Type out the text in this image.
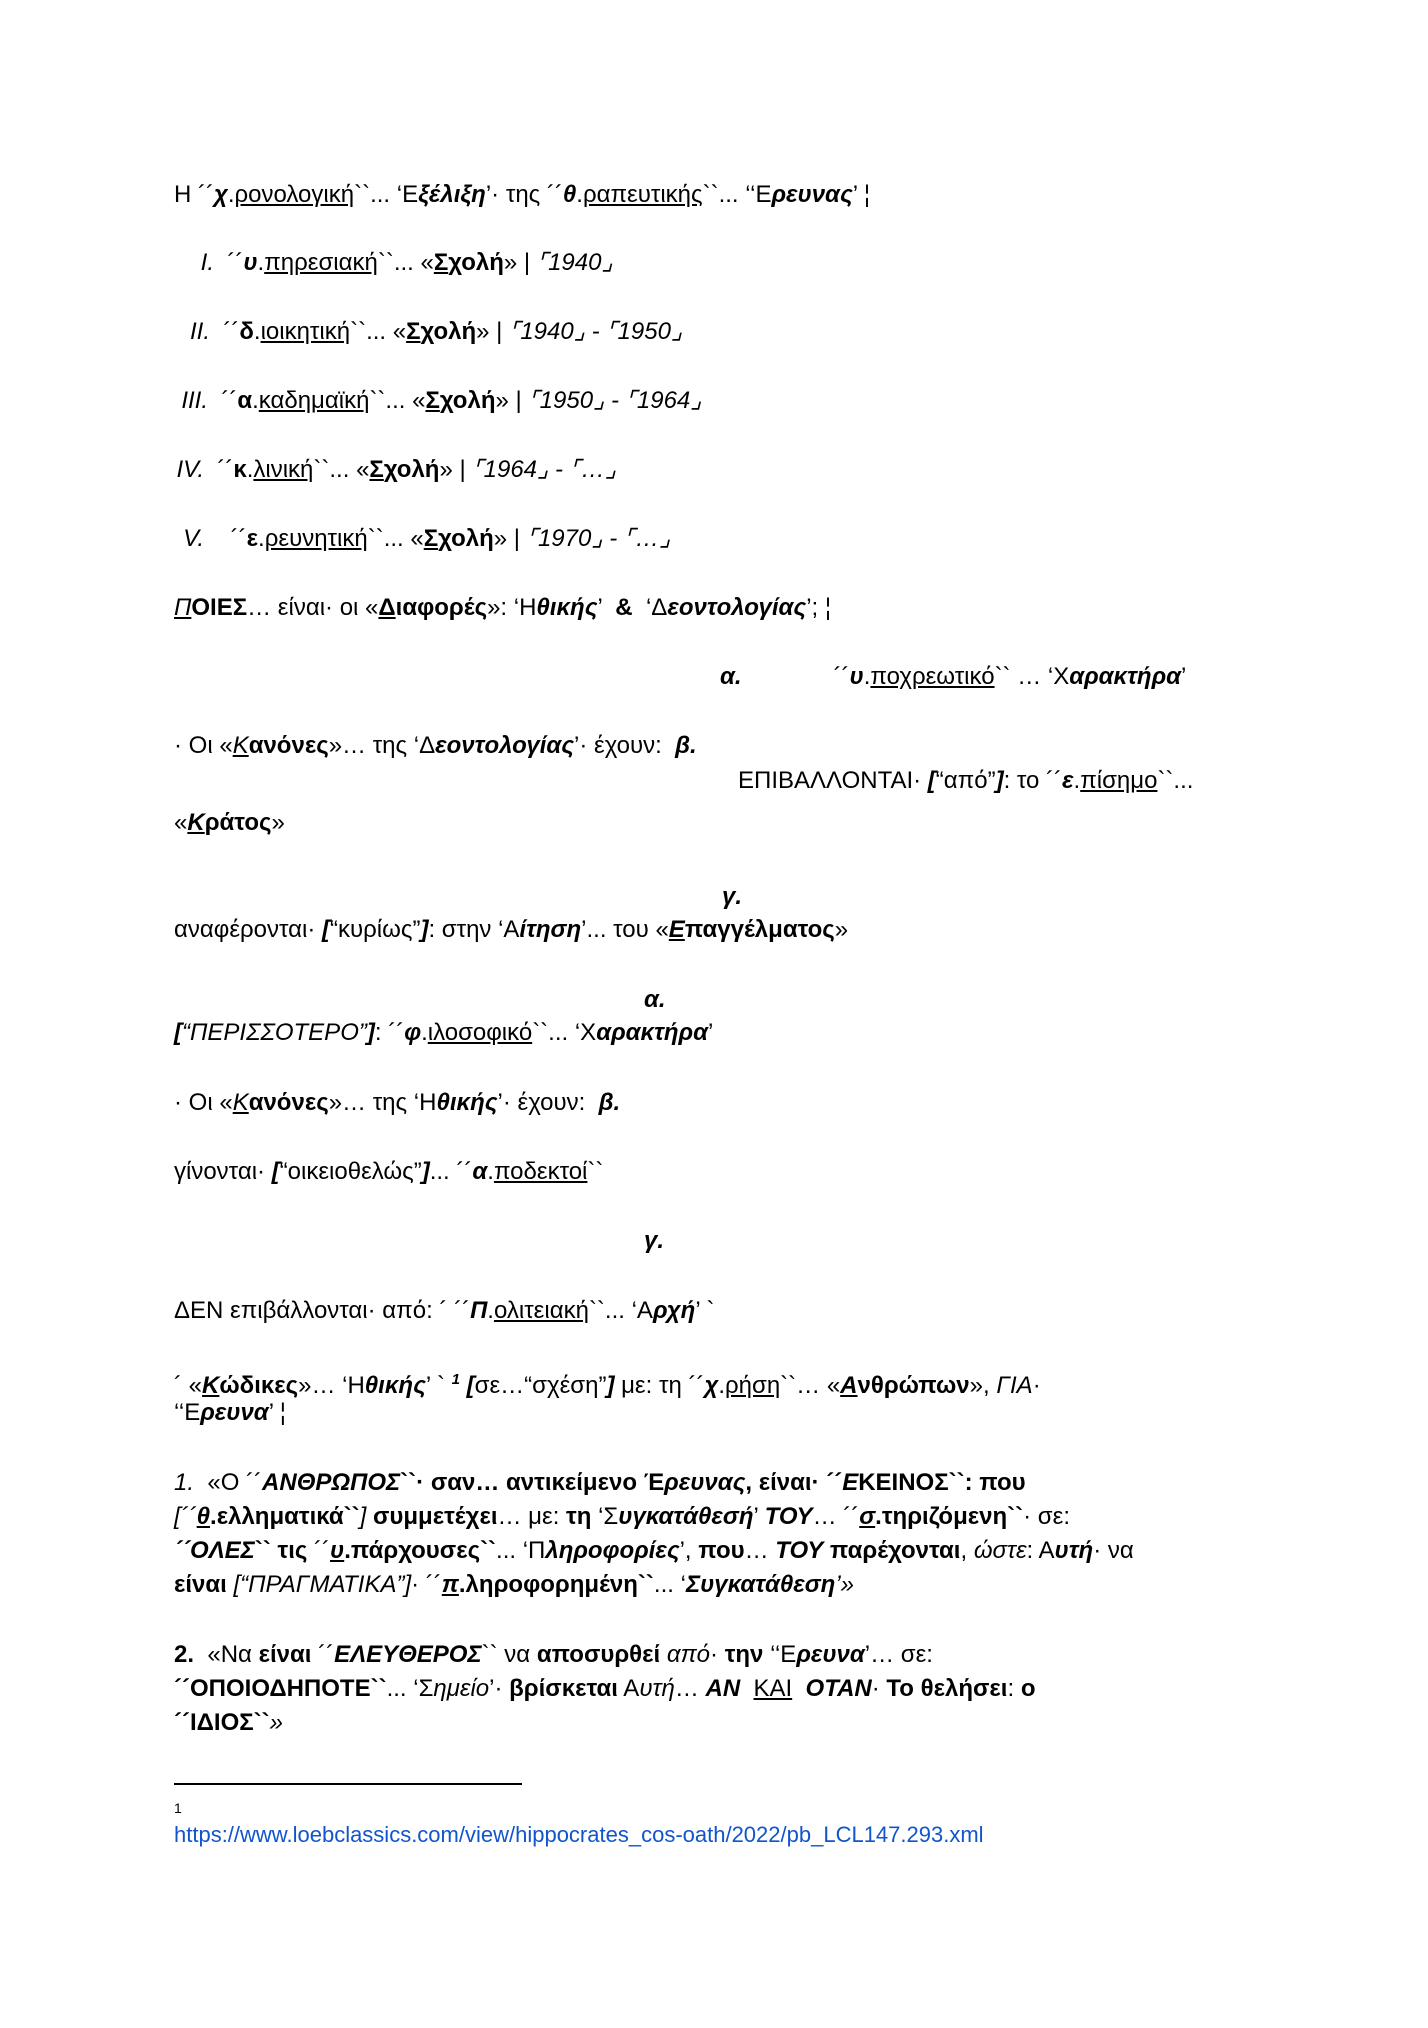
Η ´´χ.ρονολογική``... ‘Εξέλιξη’· της ´´θ.ραπευτικής``... ‘‘Ερευνας’ ¦
I. ´´υ.πηρεσιακή``... «Σχολή» | ⌜1940⌟
II. ´´δ.ιοικητική``... «Σχολή» | ⌜1940⌟ - ⌜1950⌟
III. ´´α.καδημαϊκή``... «Σχολή» | ⌜1950⌟ - ⌜1964⌟
IV. ´´κ.λινική``... «Σχολή» | ⌜1964⌟ - ⌜…⌟
V. ´´ε.ρευνητική``... «Σχολή» | ⌜1970⌟ - ⌜…⌟
ΠΟΙΕΣ… είναι· οι «Διαφορές»: ‘Ηθικής’  &  ‘Δεοντολογίας’; ¦
α.	´´υ.ποχρεωτικό`` … ‘Χαρακτήρα’
· Οι «Κανόνες»… της ‘Δεοντολογίας’· έχουν:  β.
ΕΠΙΒΑΛΛΟΝΤΑΙ· [“από”]: το ´´ε.πίσημο``...
«Κράτος»
γ.
αναφέρονται· [“κυρίως”]: στην ‘Αίτηση’... του «Επαγγέλματος»
α.
[“ΠΕΡΙΣΣΟΤΕΡΟ”]: ´´φ.ιλοσοφικό``... ‘Χαρακτήρα’
· Οι «Κανόνες»… της ‘Ηθικής’· έχουν:  β.
γίνονται· [“οικειοθελώς”]... ´´α.ποδεκτοί``
γ.
ΔΕΝ επιβάλλονται· από: ´ ´´Π.ολιτειακή``... ‘Αρχή’ `
´ «Κώδικες»… ‘Ηθικής’ ` $^1$ [σε…“σχέση”] με: τη ´´χ.ρήση``… «Ανθρώπων», ΓΙΑ·
‘‘Ερευνα’ ¦
1.  «Ο ´´ΑΝΘΡΩΠΟΣ``· σαν… αντικείμενο Έρευνας, είναι· ´´ΕΚΕΙΝΟΣ``: που
[´´θ.ελληματικά``] συμμετέχει… με: τη ‘Συγκατάθεσή’ ΤΟΥ… ´´σ.τηριζόμενη``· σε:
´´ΟΛΕΣ`` τις ´´υ.πάρχουσες``... ‘Πληροφορίες’, που… ΤΟΥ παρέχονται, ώστε: Αυτή· να
είναι [“ΠΡΑΓΜΑΤΙΚΑ”]· ´´π.ληροφορημένη``... ‘Συγκατάθεση’»
2.  «Να είναι ´´ΕΛΕΥΘΕΡΟΣ`` να αποσυρθεί από· την ‘‘Ερευνα’… σε:
´´ΟΠΟΙΟΔΗΠΟΤΕ``... ‘Σημείο’· βρίσκεται Αυτή… ΑΝ ΚΑΙ ΟΤΑΝ· Το θελήσει: ο
´´ΙΔΙΟΣ``»
1
https://www.loebclassics.com/view/hippocrates_cos-oath/2022/pb_LCL147.293.xml
